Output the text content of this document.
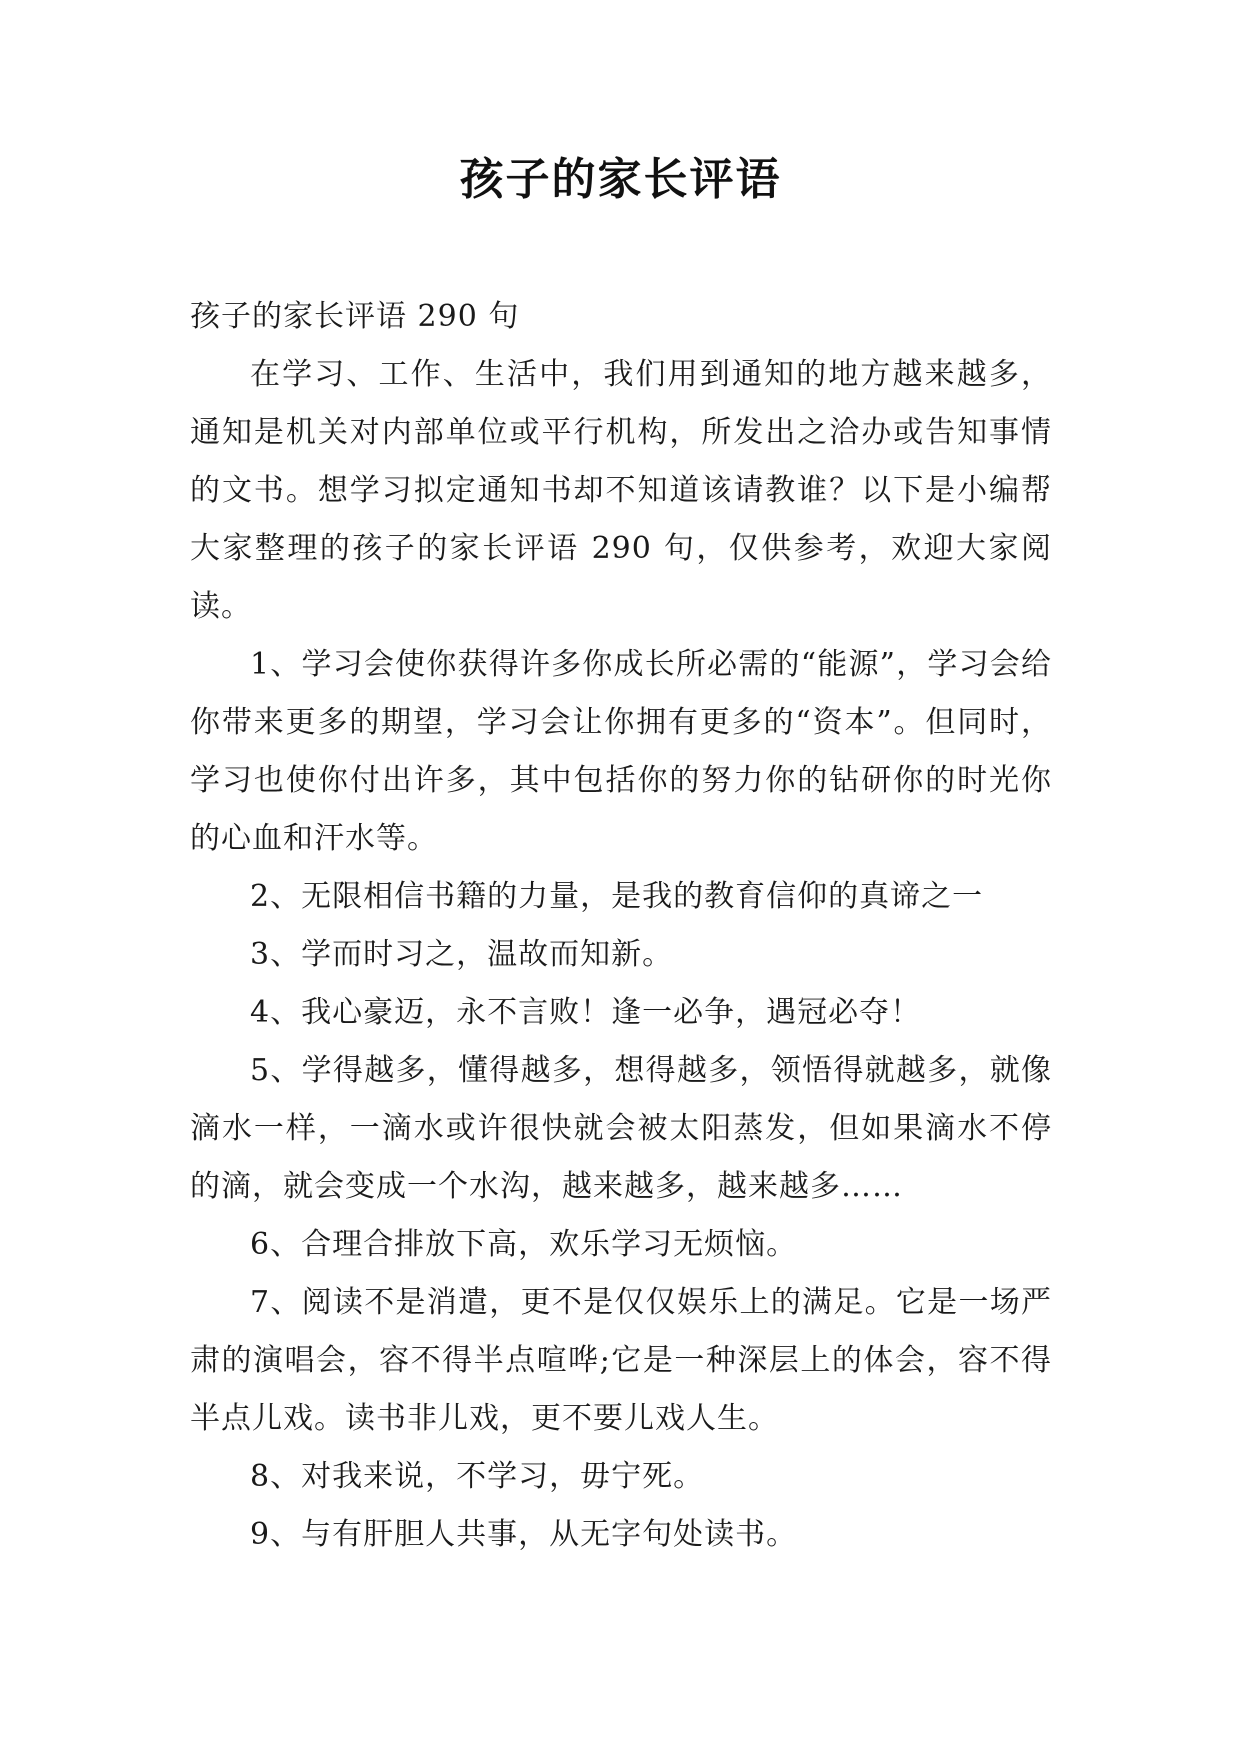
孩子的家长评语

孩子的家长评语 290 句

在学习、工作、生活中，我们用到通知的地方越来越多，通知是机关对内部单位或平行机构，所发出之洽办或告知事情的文书。想学习拟定通知书却不知道该请教谁？以下是小编帮大家整理的孩子的家长评语 290 句，仅供参考，欢迎大家阅读。

1、学习会使你获得许多你成长所必需的“能源”，学习会给你带来更多的期望，学习会让你拥有更多的“资本”。但同时，学习也使你付出许多，其中包括你的努力你的钻研你的时光你的心血和汗水等。

2、无限相信书籍的力量，是我的教育信仰的真谛之一

3、学而时习之，温故而知新。

4、我心豪迈，永不言败！逢一必争，遇冠必夺！

5、学得越多，懂得越多，想得越多，领悟得就越多，就像滴水一样，一滴水或许很快就会被太阳蒸发，但如果滴水不停的滴，就会变成一个水沟，越来越多，越来越多……

6、合理合排放下高，欢乐学习无烦恼。

7、阅读不是消遣，更不是仅仅娱乐上的满足。它是一场严肃的演唱会，容不得半点喧哗;它是一种深层上的体会，容不得半点儿戏。读书非儿戏，更不要儿戏人生。

8、对我来说，不学习，毋宁死。

9、与有肝胆人共事，从无字句处读书。
